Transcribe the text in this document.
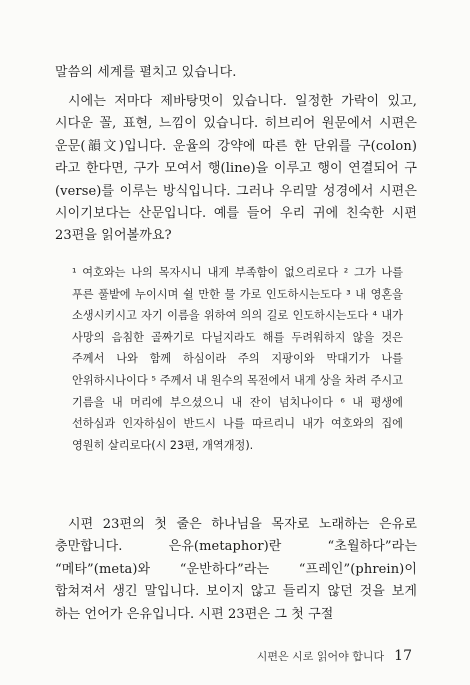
말씀의 세계를 펼치고 있습니다.

시에는 저마다 제바탕멋이 있습니다. 일정한 가락이 있고, 시다운 꼴, 표현, 느낌이 있습니다. 히브리어 원문에서 시편은 운문(韻文)입니다. 운율의 강약에 따른 한 단위를 구(colon)라고 한다면, 구가 모여서 행(line)을 이루고 행이 연결되어 구(verse)를 이루는 방식입니다. 그러나 우리말 성경에서 시편은 시이기보다는 산문입니다. 예를 들어 우리 귀에 친숙한 시편 23편을 읽어볼까요?

¹ 여호와는 나의 목자시니 내게 부족함이 없으리로다 ² 그가 나를 푸른 풀밭에 누이시며 쉴 만한 물 가로 인도하시는도다 ³ 내 영혼을 소생시키시고 자기 이름을 위하여 의의 길로 인도하시는도다 ⁴ 내가 사망의 음침한 골짜기로 다닐지라도 해를 두려워하지 않을 것은 주께서 나와 함께 하심이라 주의 지팡이와 막대기가 나를 안위하시나이다 ⁵ 주께서 내 원수의 목전에서 내게 상을 차려 주시고 기름을 내 머리에 부으셨으니 내 잔이 넘치나이다 ⁶ 내 평생에 선하심과 인자하심이 반드시 나를 따르리니 내가 여호와의 집에 영원히 살리로다(시 23편, 개역개정).

시편 23편의 첫 줄은 하나님을 목자로 노래하는 은유로 충만합니다. 은유(metaphor)란 “초월하다”라는 “메타”(meta)와 “운반하다”라는 “프레인”(phrein)이 합쳐져서 생긴 말입니다. 보이지 않고 들리지 않던 것을 보게 하는 언어가 은유입니다. 시편 23편은 그 첫 구절

시편은 시로 읽어야 합니다 17
